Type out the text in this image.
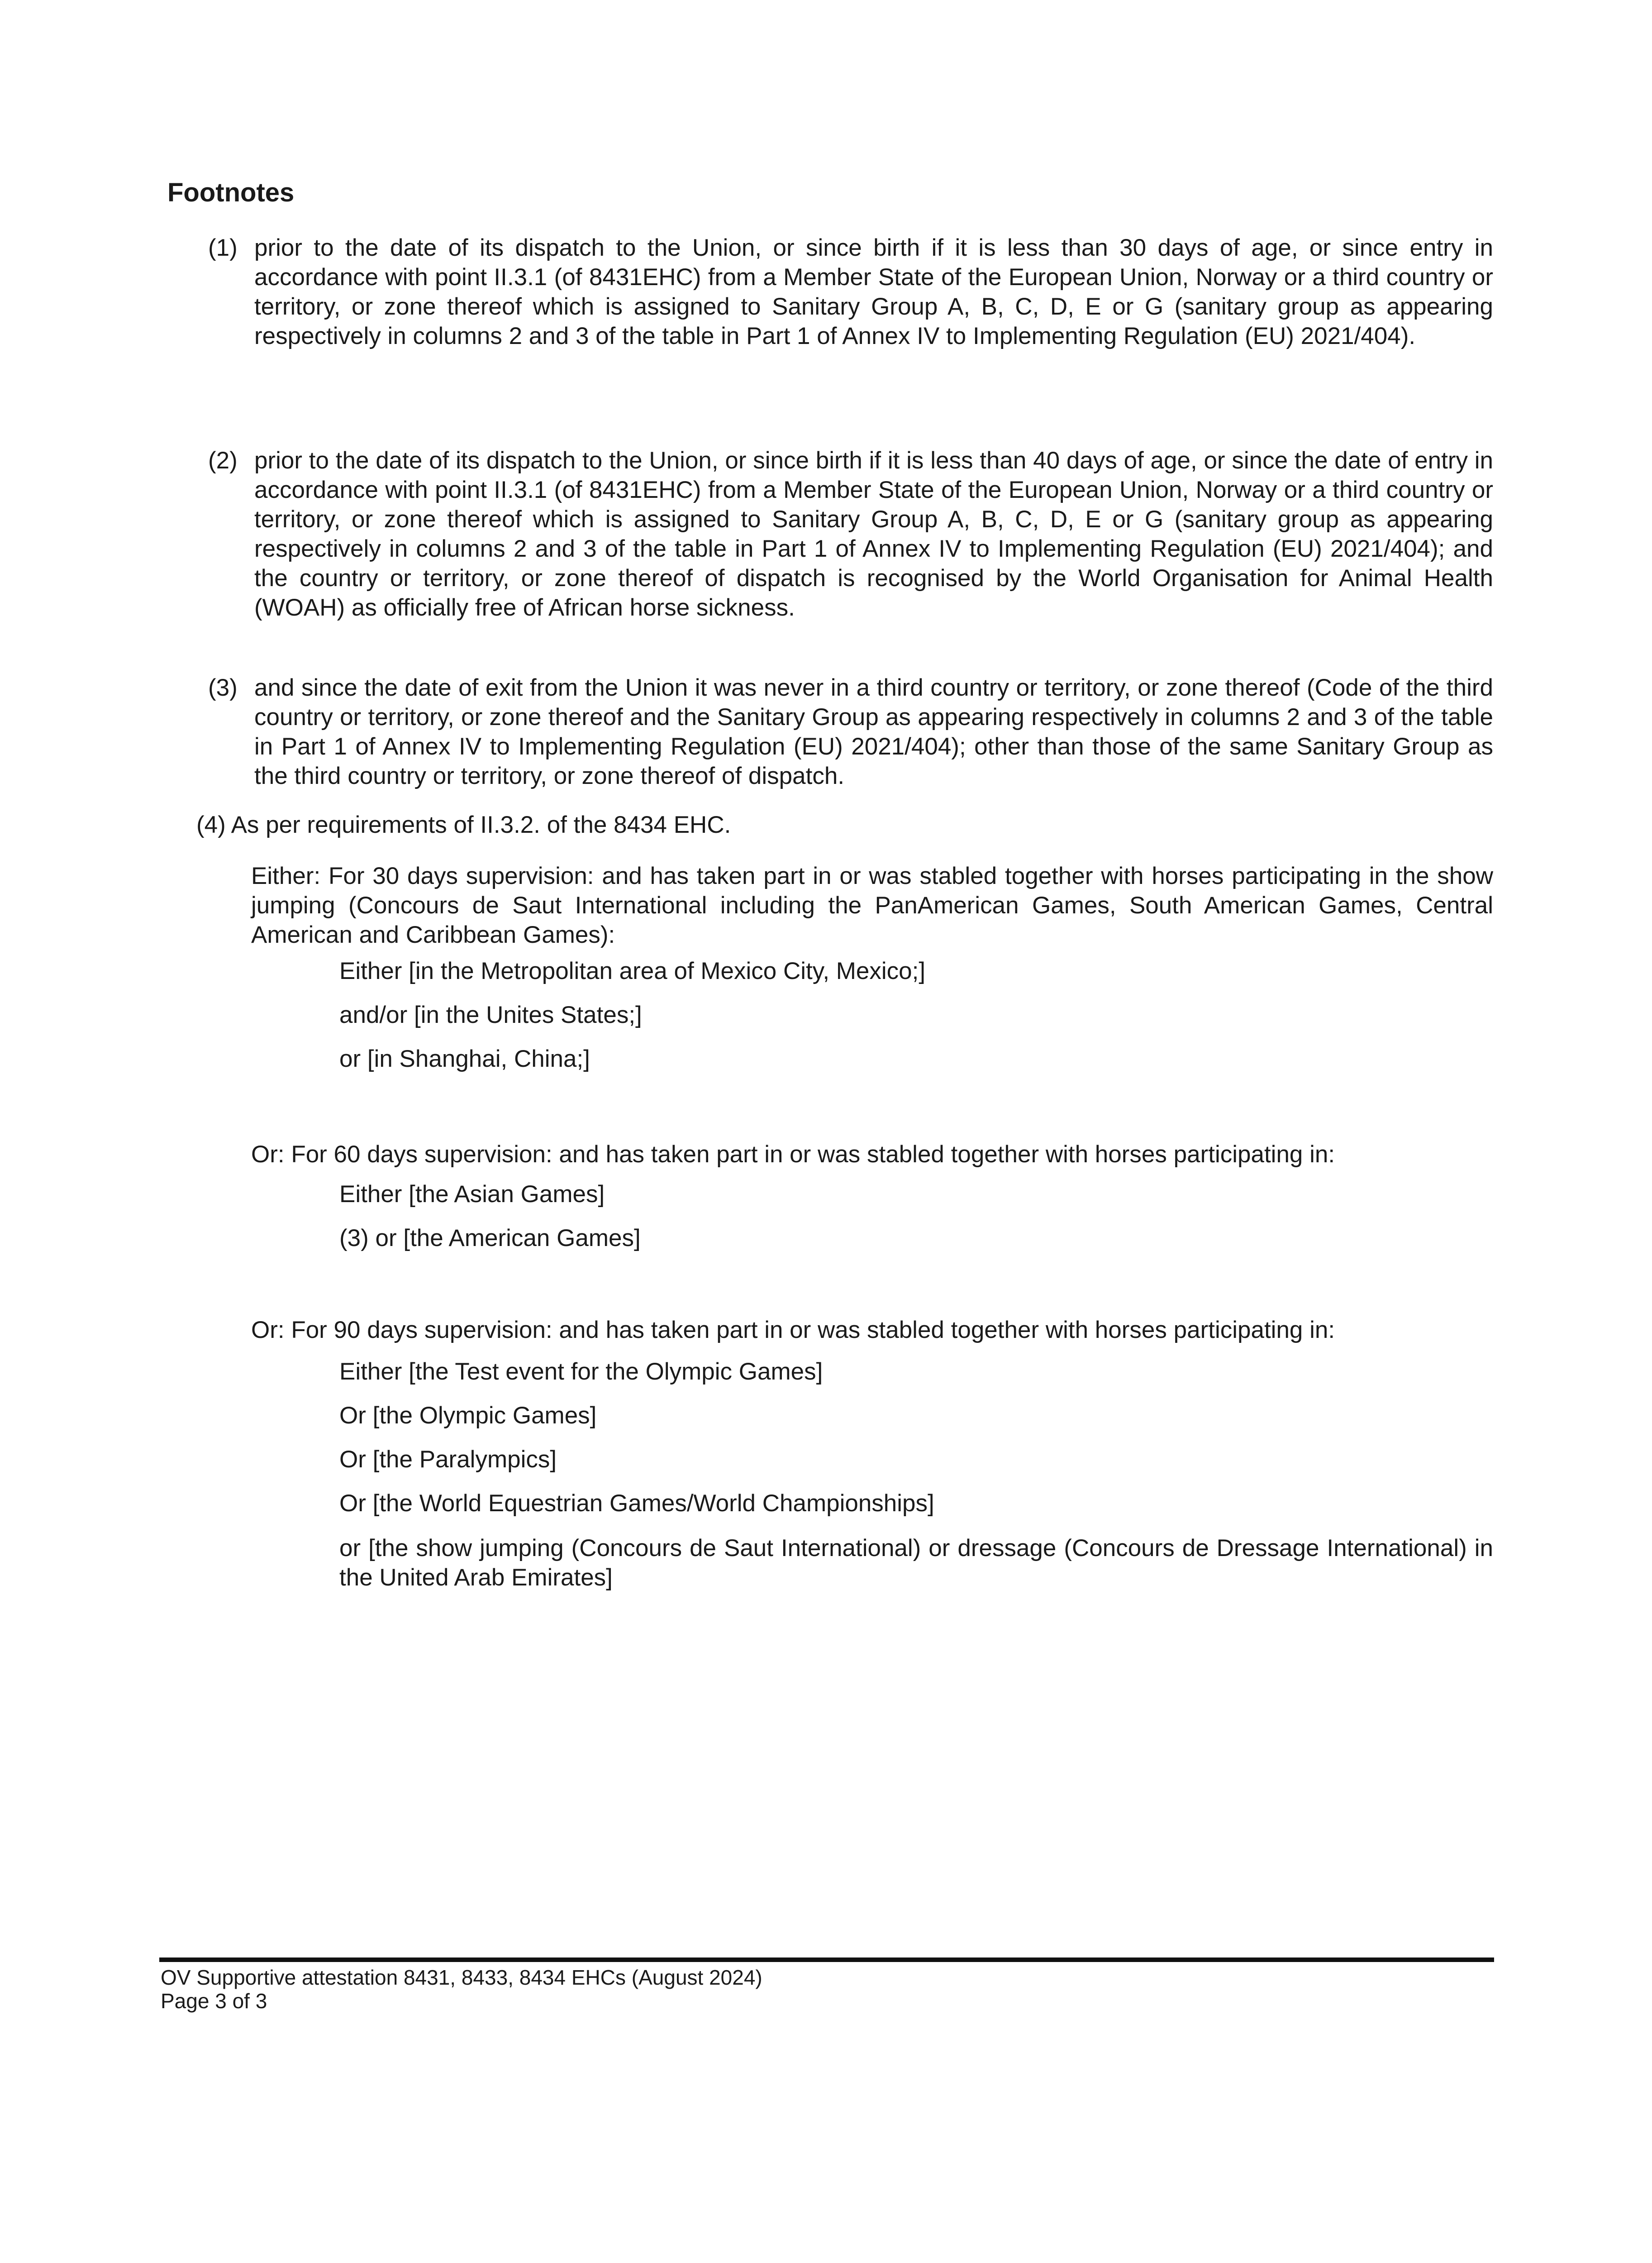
Footnotes
(1) prior to the date of its dispatch to the Union, or since birth if it is less than 30 days of age, or since entry in accordance with point II.3.1 (of 8431EHC) from a Member State of the European Union, Norway or a third country or territory, or zone thereof which is assigned to Sanitary Group A, B, C, D, E or G (sanitary group as appearing respectively in columns 2 and 3 of the table in Part 1 of Annex IV to Implementing Regulation (EU) 2021/404).
(2) prior to the date of its dispatch to the Union, or since birth if it is less than 40 days of age, or since the date of entry in accordance with point II.3.1 (of 8431EHC) from a Member State of the European Union, Norway or a third country or territory, or zone thereof which is assigned to Sanitary Group A, B, C, D, E or G (sanitary group as appearing respectively in columns 2 and 3 of the table in Part 1 of Annex IV to Implementing Regulation (EU) 2021/404); and the country or territory, or zone thereof of dispatch is recognised by the World Organisation for Animal Health (WOAH) as officially free of African horse sickness.
(3) and since the date of exit from the Union it was never in a third country or territory, or zone thereof (Code of the third country or territory, or zone thereof and the Sanitary Group as appearing respectively in columns 2 and 3 of the table in Part 1 of Annex IV to Implementing Regulation (EU) 2021/404); other than those of the same Sanitary Group as the third country or territory, or zone thereof of dispatch.
(4) As per requirements of II.3.2. of the 8434 EHC.
Either: For 30 days supervision: and has taken part in or was stabled together with horses participating in the show jumping (Concours de Saut International including the PanAmerican Games, South American Games, Central American and Caribbean Games):
Either [in the Metropolitan area of Mexico City, Mexico;]
and/or [in the Unites States;]
or [in Shanghai, China;]
Or: For 60 days supervision: and has taken part in or was stabled together with horses participating in:
Either [the Asian Games]
(3) or [the American Games]
Or: For 90 days supervision: and has taken part in or was stabled together with horses participating in:
Either [the Test event for the Olympic Games]
Or [the Olympic Games]
Or [the Paralympics]
Or [the World Equestrian Games/World Championships]
or [the show jumping (Concours de Saut International) or dressage (Concours de Dressage International) in the United Arab Emirates]
OV Supportive attestation 8431, 8433, 8434 EHCs (August 2024)
Page 3 of 3
